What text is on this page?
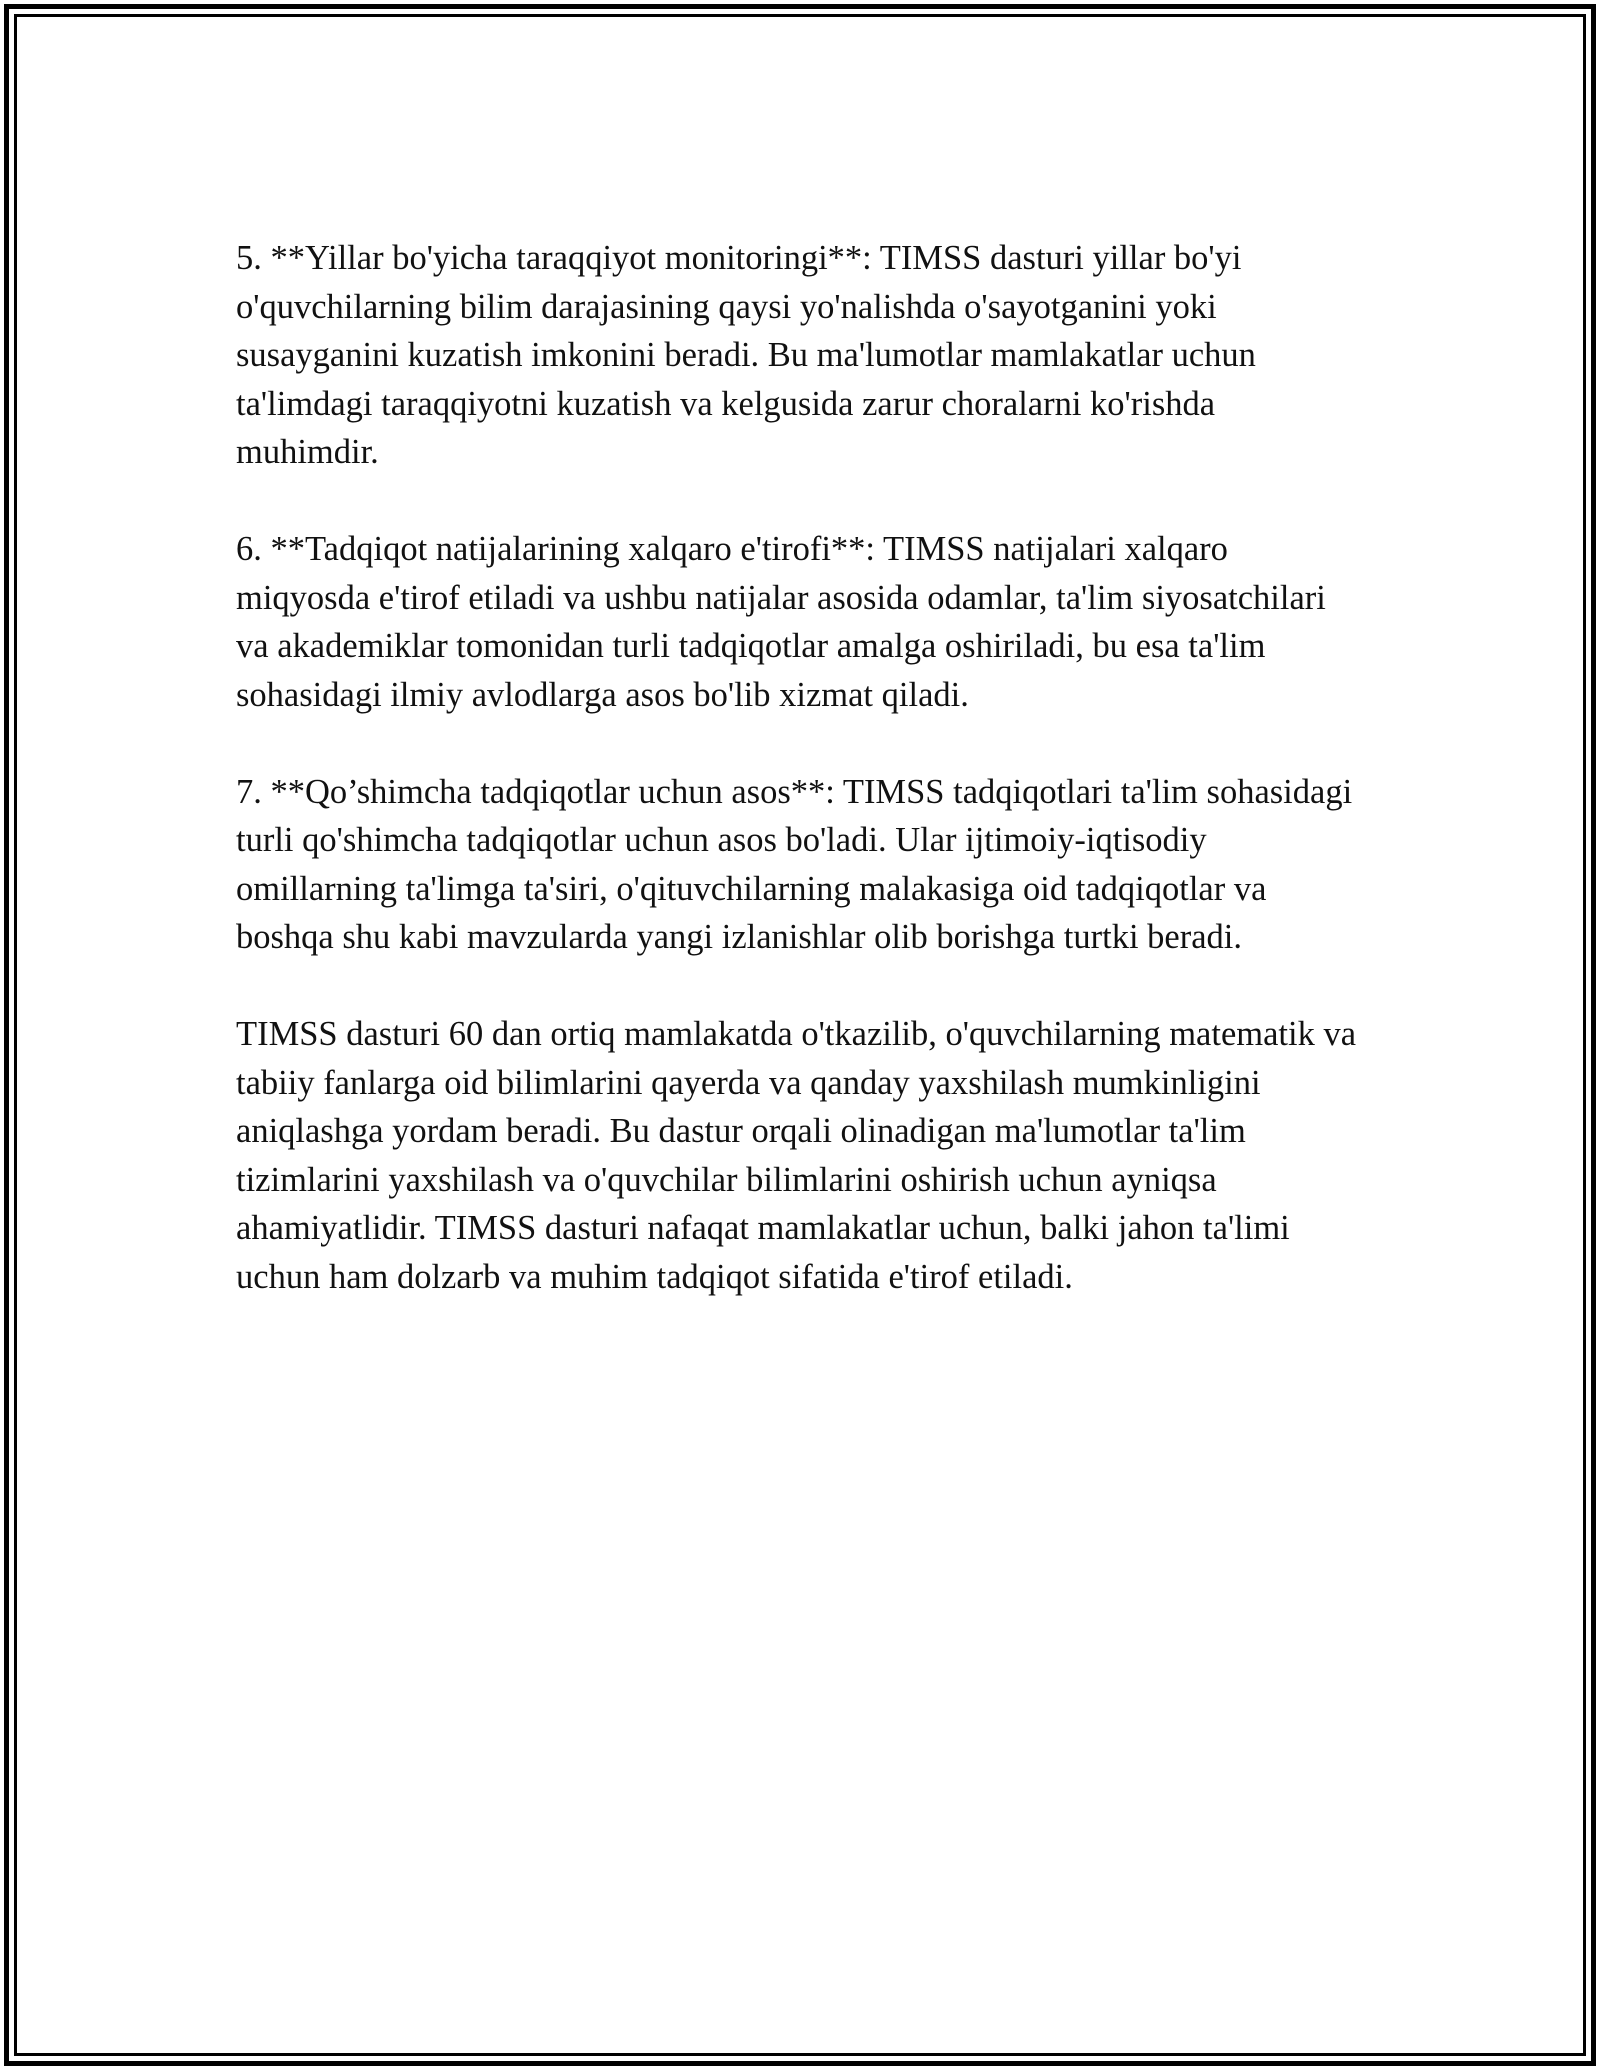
5. **Yillar bo'yicha taraqqiyot monitoringi**: TIMSS dasturi yillar bo'yi o'quvchilarning bilim darajasining qaysi yo'nalishda o'sayotganini yoki susayganini kuzatish imkonini beradi. Bu ma'lumotlar mamlakatlar uchun ta'limdagi taraqqiyotni kuzatish va kelgusida zarur choralarni ko'rishda muhimdir.

6. **Tadqiqot natijalarining xalqaro e'tirofi**: TIMSS natijalari xalqaro miqyosda e'tirof etiladi va ushbu natijalar asosida odamlar, ta'lim siyosatchilari va akademiklar tomonidan turli tadqiqotlar amalga oshiriladi, bu esa ta'lim sohasidagi ilmiy avlodlarga asos bo'lib xizmat qiladi.

7. **Qo’shimcha tadqiqotlar uchun asos**: TIMSS tadqiqotlari ta'lim sohasidagi turli qo'shimcha tadqiqotlar uchun asos bo'ladi. Ular ijtimoiy-iqtisodiy omillarning ta'limga ta'siri, o'qituvchilarning malakasiga oid tadqiqotlar va boshqa shu kabi mavzularda yangi izlanishlar olib borishga turtki beradi.

TIMSS dasturi 60 dan ortiq mamlakatda o'tkazilib, o'quvchilarning matematik va tabiiy fanlarga oid bilimlarini qayerda va qanday yaxshilash mumkinligini aniqlashga yordam beradi. Bu dastur orqali olinadigan ma'lumotlar ta'lim tizimlarini yaxshilash va o'quvchilar bilimlarini oshirish uchun ayniqsa ahamiyatlidir. TIMSS dasturi nafaqat mamlakatlar uchun, balki jahon ta'limi uchun ham dolzarb va muhim tadqiqot sifatida e'tirof etiladi.
